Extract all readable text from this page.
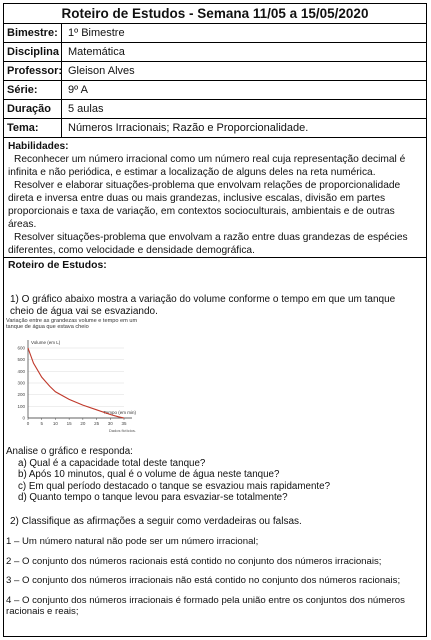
Roteiro de Estudos - Semana 11/05 a 15/05/2020
Bimestre: 1º Bimestre
Disciplina Matemática
Professor: Gleison Alves
Série:	9º A
Duração	5 aulas
Tema:	Números Irracionais; Razão e Proporcionalidade.
Habilidades:

Reconhecer um número irracional como um número real cuja representação decimal é infinita e não periódica, e estimar a localização de alguns deles na reta numérica.

Resolver e elaborar situações-problema que envolvam relações de proporcionalidade direta e inversa entre duas ou mais grandezas, inclusive escalas, divisão em partes proporcionais e taxa de variação, em contextos socioculturais, ambientais e de outras áreas.

Resolver situações-problema que envolvam a razão entre duas grandezas de espécies diferentes, como velocidade e densidade demográfica.

Roteiro de Estudos:
1) O gráfico abaixo mostra a variação do volume conforme o tempo em que um tanque cheio de água vai se esvaziando.
Variação entre as grandezas volume e tempo em um tanque de água que estava cheio
0
100
200
300
400
500
600
0 5 10 15 20 25 30 35
Volume (em L)
Tempo (em min)
Dados fictícios.
Analise o gráfico e responda:
a) Qual é a capacidade total deste tanque?
b) Após 10 minutos, qual é o volume de água neste tanque?
c) Em qual período destacado o tanque se esvaziou mais rapidamente?
d) Quanto tempo o tanque levou para esvaziar-se totalmente?
2) Classifique as afirmações a seguir como verdadeiras ou falsas.
1 – Um número natural não pode ser um número irracional;
2 – O conjunto dos números racionais está contido no conjunto dos números irracionais;
3 – O conjunto dos números irracionais não está contido no conjunto dos números racionais;
4 – O conjunto dos números irracionais é formado pela união entre os conjuntos dos números racionais e reais;
